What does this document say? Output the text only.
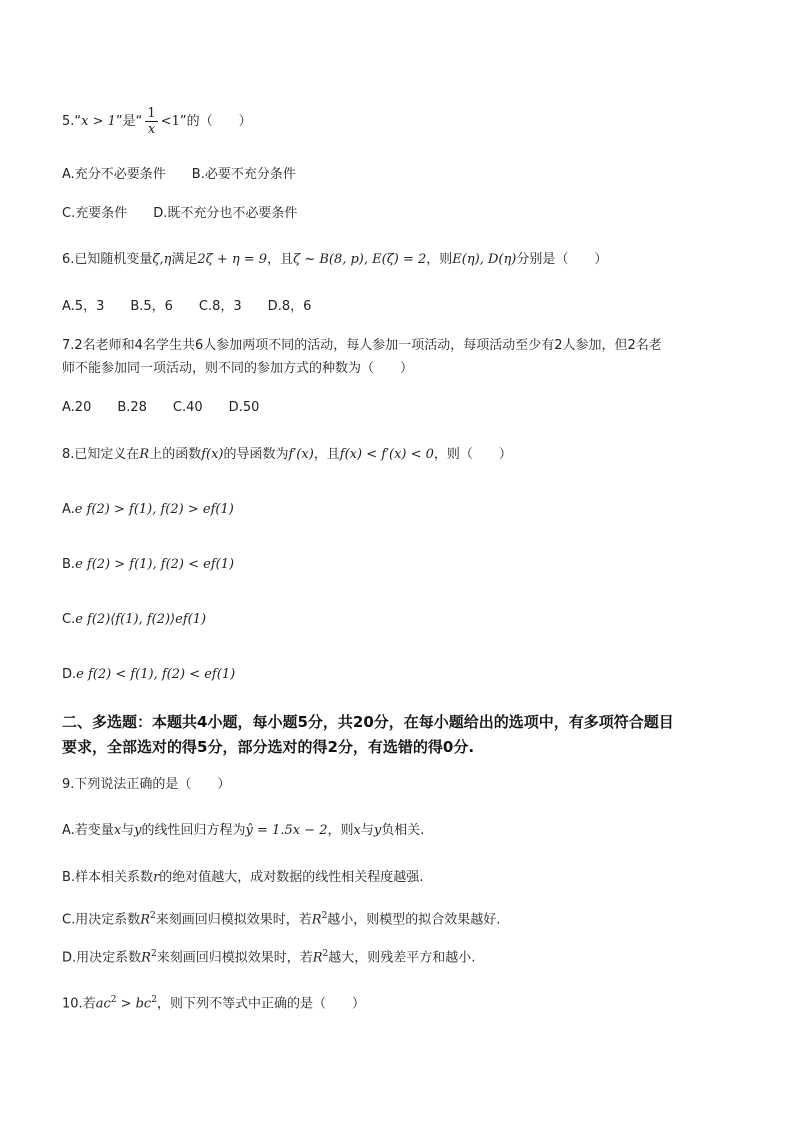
5.“x > 1”是“ $\frac{1}{x} <1$”的（　　）
A.充分不必要条件　　B.必要不充分条件
C.充要条件　　D.既不充分也不必要条件
6.已知随机变量ζ,η满足2ζ + η = 9，且ζ ~ B(8, p), E(ζ) = 2，则E(η), D(η)分别是（　　）
A.5，3　　B.5，6　　C.8，3　　D.8，6
7.2名老师和4名学生共6人参加两项不同的活动，每人参加一项活动，每项活动至少有2人参加，但2名老
师不能参加同一项活动，则不同的参加方式的种数为（　　）
A.20　　B.28　　C.40　　D.50
8.已知定义在R上的函数f(x)的导函数为f′(x)，且f(x) < f′(x) < 0，则（　　）
A.e f(2) > f(1), f(2) > ef(1)
B.e f(2) > f(1), f(2) < ef(1)
C.e f(2)⟨f(1), f(2)⟩ef(1)
D.e f(2) < f(1), f(2) < ef(1)
二、多选题：本题共4小题，每小题5分，共20分，在每小题给出的选项中，有多项符合题目
要求，全部选对的得5分，部分选对的得2分，有选错的得0分.
9.下列说法正确的是（　　）
A.若变量x与y的线性回归方程为ŷ = 1.5x − 2，则x与y负相关.
B.样本相关系数r的绝对值越大，成对数据的线性相关程度越强.
C.用决定系数$R^2$来刻画回归模拟效果时，若$R^2$越小，则模型的拟合效果越好.
D.用决定系数$R^2$来刻画回归模拟效果时，若$R^2$越大，则残差平方和越小.
10.若$ac^2 > bc^2$，则下列不等式中正确的是（　　）
